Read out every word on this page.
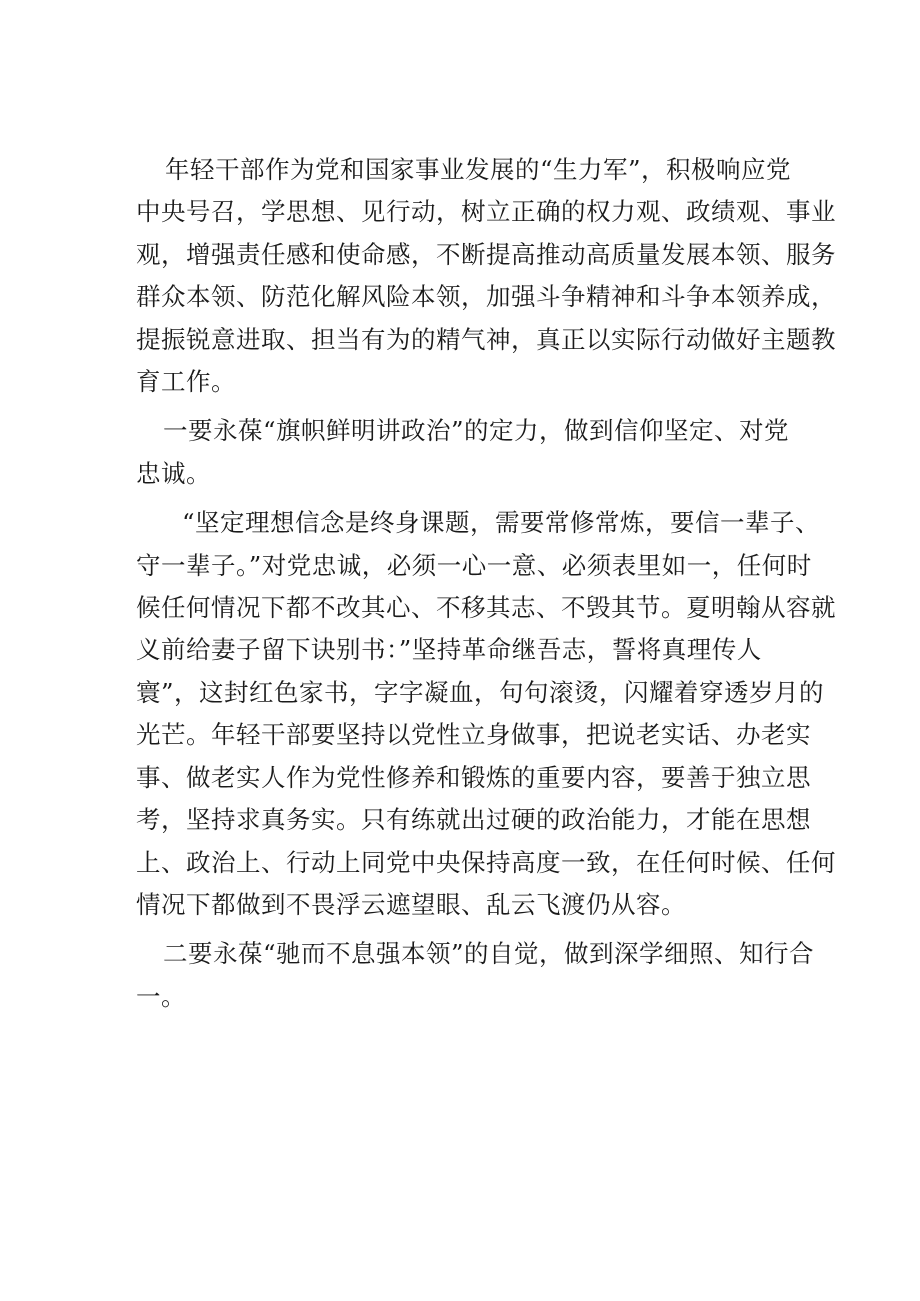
年轻干部作为党和国家事业发展的“生力军”，积极响应党
中央号召，学思想、见行动，树立正确的权力观、政绩观、事业
观，增强责任感和使命感，不断提高推动高质量发展本领、服务
群众本领、防范化解风险本领，加强斗争精神和斗争本领养成，
提振锐意进取、担当有为的精气神，真正以实际行动做好主题教
育工作。

一要永葆“旗帜鲜明讲政治”的定力，做到信仰坚定、对党
忠诚。

“坚定理想信念是终身课题，需要常修常炼，要信一辈子、
守一辈子。”对党忠诚，必须一心一意、必须表里如一，任何时
候任何情况下都不改其心、不移其志、不毁其节。夏明翰从容就
义前给妻子留下诀别书：”坚持革命继吾志，誓将真理传人
寰”，这封红色家书，字字凝血，句句滚烫，闪耀着穿透岁月的
光芒。年轻干部要坚持以党性立身做事，把说老实话、办老实
事、做老实人作为党性修养和锻炼的重要内容，要善于独立思
考，坚持求真务实。只有练就出过硬的政治能力，才能在思想
上、政治上、行动上同党中央保持高度一致，在任何时候、任何
情况下都做到不畏浮云遮望眼、乱云飞渡仍从容。

二要永葆“驰而不息强本领”的自觉，做到深学细照、知行合
一。
